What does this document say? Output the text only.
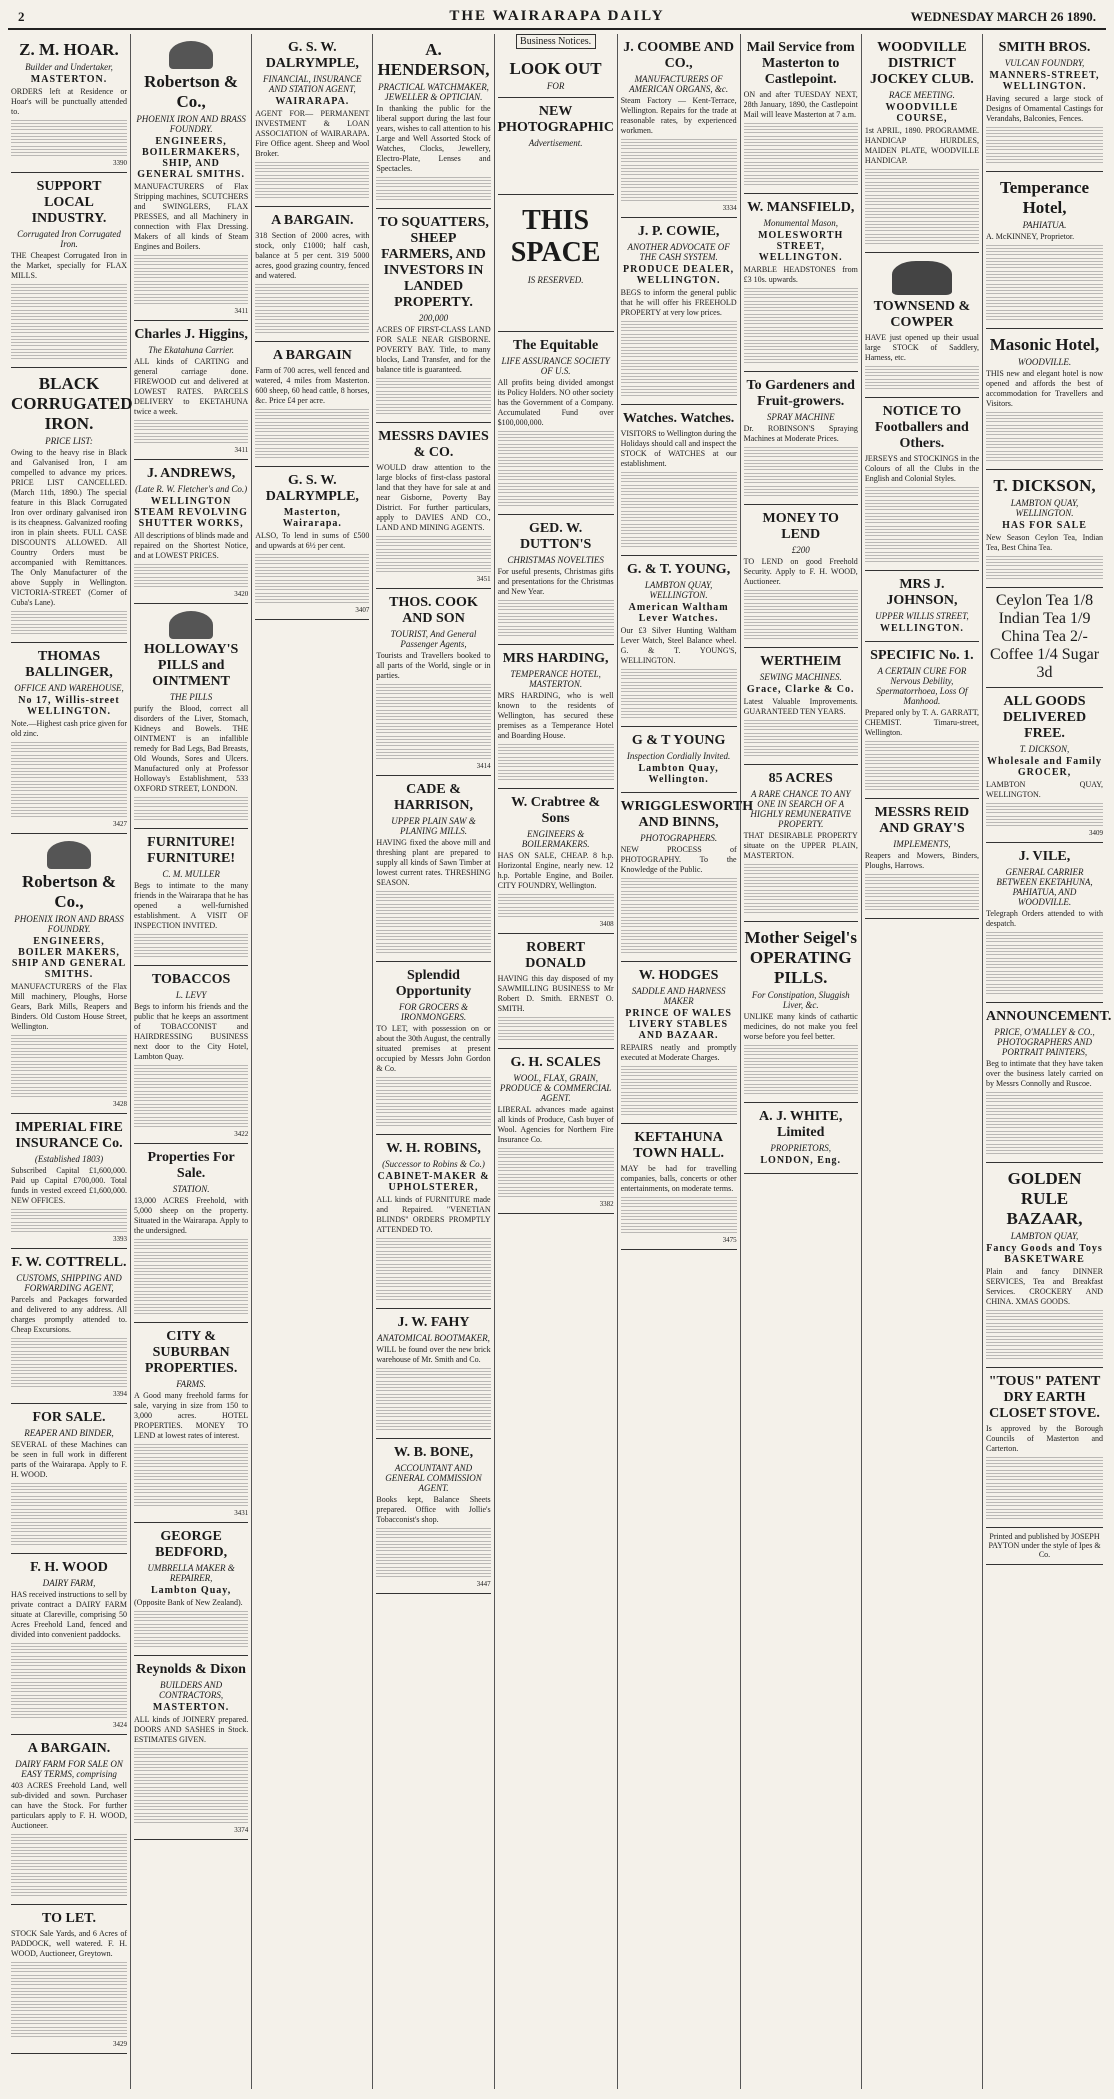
2	THE WAIRARAPA DAILY	WEDNESDAY MARCH 26 1890.
Z. M. HOAR.
Builder and Undertaker,
MASTERTON.

ORDERS left at Residence or Hoar's will be punctually attended to.

3390
SUPPORT LOCAL INDUSTRY.
Corrugated Iron Corrugated Iron.

THE Cheapest Corrugated Iron in the Market, specially for FLAX MILLS.

BLACK CORRUGATED IRON.
PRICE LIST:

Owing to the heavy rise in Black and Galvanised Iron, I am compelled to advance my prices. PRICE LIST CANCELLED. (March 11th, 1890.) The special feature in this Black Corrugated Iron over ordinary galvanised iron is its cheapness. Galvanized roofing iron in plain sheets. FULL CASE DISCOUNTS ALLOWED. All Country Orders must be accompanied with Remittances. The Only Manufacturer of the above Supply in Wellington. VICTORIA-STREET (Corner of Cuba's Lane).

THOMAS BALLINGER,
OFFICE AND WAREHOUSE,
No 17, Willis-street WELLINGTON.

Note.—Highest cash price given for old zinc.

3427
Robertson & Co.,
PHOENIX IRON AND BRASS FOUNDRY.
ENGINEERS, BOILER MAKERS, SHIP AND GENERAL SMITHS.

MANUFACTURERS of the Flax Mill machinery, Ploughs, Horse Gears, Bark Mills, Reapers and Binders. Old Custom House Street, Wellington.

3428
IMPERIAL FIRE INSURANCE Co.
(Established 1803)

Subscribed Capital £1,600,000. Paid up Capital £700,000. Total funds in vested exceed £1,600,000. NEW OFFICES.

3393
F. W. COTTRELL.
CUSTOMS, SHIPPING AND FORWARDING AGENT,

Parcels and Packages forwarded and delivered to any address. All charges promptly attended to. Cheap Excursions.

3394
FOR SALE.
REAPER AND BINDER,

SEVERAL of these Machines can be seen in full work in different parts of the Wairarapa. Apply to F. H. WOOD.

F. H. WOOD
DAIRY FARM,

HAS received instructions to sell by private contract a DAIRY FARM situate at Clareville, comprising 50 Acres Freehold Land, fenced and divided into convenient paddocks.

3424
A BARGAIN.
DAIRY FARM FOR SALE ON EASY TERMS, comprising

403 ACRES Freehold Land, well sub-divided and sown. Purchaser can have the Stock. For further particulars apply to F. H. WOOD, Auctioneer.

TO LET.

STOCK Sale Yards, and 6 Acres of PADDOCK, well watered. F. H. WOOD, Auctioneer, Greytown.

3429
Robertson & Co.,
PHOENIX IRON AND BRASS FOUNDRY.
ENGINEERS, BOILERMAKERS, SHIP, AND GENERAL SMITHS.

MANUFACTURERS of Flax Stripping machines, SCUTCHERS and SWINGLERS, FLAX PRESSES, and all Machinery in connection with Flax Dressing. Makers of all kinds of Steam Engines and Boilers.

3411
Charles J. Higgins,
The Ekatahuna Carrier.

ALL kinds of CARTING and general carriage done. FIREWOOD cut and delivered at LOWEST RATES. PARCELS DELIVERY to EKETAHUNA twice a week.

3411
J. ANDREWS,
(Late R. W. Fletcher's and Co.)
WELLINGTON STEAM REVOLVING SHUTTER WORKS,

All descriptions of blinds made and repaired on the Shortest Notice, and at LOWEST PRICES.

3420
HOLLOWAY'S PILLS and OINTMENT
THE PILLS

purify the Blood, correct all disorders of the Liver, Stomach, Kidneys and Bowels. THE OINTMENT is an infallible remedy for Bad Legs, Bad Breasts, Old Wounds, Sores and Ulcers. Manufactured only at Professor Holloway's Establishment, 533 OXFORD STREET, LONDON.

FURNITURE! FURNITURE!
C. M. MULLER

Begs to intimate to the many friends in the Wairarapa that he has opened a well-furnished establishment. A VISIT OF INSPECTION INVITED.

TOBACCOS
L. LEVY

Begs to inform his friends and the public that he keeps an assortment of TOBACCONIST and HAIRDRESSING BUSINESS next door to the City Hotel, Lambton Quay.

3422
Properties For Sale.
STATION.

13,000 ACRES Freehold, with 5,000 sheep on the property. Situated in the Wairarapa. Apply to the undersigned.

CITY & SUBURBAN PROPERTIES.
FARMS.

A Good many freehold farms for sale, varying in size from 150 to 3,000 acres. HOTEL PROPERTIES. MONEY TO LEND at lowest rates of interest.

3431
GEORGE BEDFORD,
UMBRELLA MAKER & REPAIRER,
Lambton Quay,

(Opposite Bank of New Zealand).

Reynolds & Dixon
BUILDERS AND CONTRACTORS,
MASTERTON.

ALL kinds of JOINERY prepared. DOORS AND SASHES in Stock. ESTIMATES GIVEN.

3374
G. S. W. DALRYMPLE,
FINANCIAL, INSURANCE AND STATION AGENT,
WAIRARAPA.

AGENT FOR— PERMANENT INVESTMENT & LOAN ASSOCIATION of WAIRARAPA. Fire Office agent. Sheep and Wool Broker.

A BARGAIN.

318 Section of 2000 acres, with stock, only £1000; half cash, balance at 5 per cent. 319 5000 acres, good grazing country, fenced and watered.

A BARGAIN

Farm of 700 acres, well fenced and watered, 4 miles from Masterton. 600 sheep, 60 head cattle, 8 horses, &c. Price £4 per acre.

G. S. W. DALRYMPLE,
Masterton, Wairarapa.

ALSO, To lend in sums of £500 and upwards at 6½ per cent.

3407
A. HENDERSON,
PRACTICAL WATCHMAKER, JEWELLER & OPTICIAN.

In thanking the public for the liberal support during the last four years, wishes to call attention to his Large and Well Assorted Stock of Watches, Clocks, Jewellery, Electro-Plate, Lenses and Spectacles.

TO SQUATTERS, SHEEP FARMERS, AND INVESTORS IN LANDED PROPERTY.
200,000

ACRES OF FIRST-CLASS LAND FOR SALE NEAR GISBORNE. POVERTY BAY. Title, to many blocks, Land Transfer, and for the balance title is guaranteed.

MESSRS DAVIES & CO.

WOULD draw attention to the large blocks of first-class pastoral land that they have for sale at and near Gisborne, Poverty Bay District. For further particulars, apply to DAVIES AND CO., LAND AND MINING AGENTS.

3451
THOS. COOK AND SON
TOURIST, And General Passenger Agents,

Tourists and Travellers booked to all parts of the World, single or in parties.

3414
CADE & HARRISON,
UPPER PLAIN SAW & PLANING MILLS.

HAVING fixed the above mill and threshing plant are prepared to supply all kinds of Sawn Timber at lowest current rates. THRESHING SEASON.

Splendid Opportunity
FOR GROCERS & IRONMONGERS.

TO LET, with possession on or about the 30th August, the centrally situated premises at present occupied by Messrs John Gordon & Co.

W. H. ROBINS,
(Successor to Robins & Co.)
CABINET-MAKER & UPHOLSTERER,

ALL kinds of FURNITURE made and Repaired. "VENETIAN BLINDS" ORDERS PROMPTLY ATTENDED TO.

J. W. FAHY
ANATOMICAL BOOTMAKER,

WILL be found over the new brick warehouse of Mr. Smith and Co.

W. B. BONE,
ACCOUNTANT AND GENERAL COMMISSION AGENT.

Books kept, Balance Sheets prepared. Office with Jollie's Tobacconist's shop.

3447
Business Notices.
LOOK OUT
FOR
NEW PHOTOGRAPHIC
Advertisement.
THIS SPACE
IS RESERVED.
The Equitable
LIFE ASSURANCE SOCIETY OF U.S.

All profits being divided amongst its Policy Holders. NO other society has the Government of a Company. Accumulated Fund over $100,000,000.

GED. W. DUTTON'S
CHRISTMAS NOVELTIES

For useful presents, Christmas gifts and presentations for the Christmas and New Year.

MRS HARDING,
TEMPERANCE HOTEL, MASTERTON.

MRS HARDING, who is well known to the residents of Wellington, has secured these premises as a Temperance Hotel and Boarding House.

W. Crabtree & Sons
ENGINEERS & BOILERMAKERS.

HAS ON SALE, CHEAP. 8 h.p. Horizontal Engine, nearly new. 12 h.p. Portable Engine, and Boiler. CITY FOUNDRY, Wellington.

3408
ROBERT DONALD

HAVING this day disposed of my SAWMILLING BUSINESS to Mr Robert D. Smith. ERNEST O. SMITH.

G. H. SCALES
WOOL, FLAX, GRAIN, PRODUCE & COMMERCIAL AGENT.

LIBERAL advances made against all kinds of Produce, Cash buyer of Wool. Agencies for Northern Fire Insurance Co.

3382
J. COOMBE AND CO.,
MANUFACTURERS OF AMERICAN ORGANS, &c.

Steam Factory — Kent-Terrace, Wellington. Repairs for the trade at reasonable rates, by experienced workmen.

3334
J. P. COWIE,
ANOTHER ADVOCATE OF THE CASH SYSTEM.
PRODUCE DEALER, WELLINGTON.

BEGS to inform the general public that he will offer his FREEHOLD PROPERTY at very low prices.

Watches. Watches.

VISITORS to Wellington during the Holidays should call and inspect the STOCK of WATCHES at our establishment.

G. & T. YOUNG,
LAMBTON QUAY, WELLINGTON.
American Waltham Lever Watches.

Our £3 Silver Hunting Waltham Lever Watch, Steel Balance wheel. G. & T. YOUNG'S, WELLINGTON.

G & T YOUNG
Inspection Cordially Invited.
Lambton Quay, Wellington.
WRIGGLESWORTH AND BINNS,
PHOTOGRAPHERS.

NEW PROCESS of PHOTOGRAPHY. To the Knowledge of the Public.

W. HODGES
SADDLE AND HARNESS MAKER
PRINCE OF WALES LIVERY STABLES AND BAZAAR.

REPAIRS neatly and promptly executed at Moderate Charges.

KEFTAHUNA TOWN HALL.

MAY be had for travelling companies, balls, concerts or other entertainments, on moderate terms.

3475
Mail Service from Masterton to Castlepoint.

ON and after TUESDAY NEXT, 28th January, 1890, the Castlepoint Mail will leave Masterton at 7 a.m.

W. MANSFIELD,
Monumental Mason,
MOLESWORTH STREET, WELLINGTON.

MARBLE HEADSTONES from £3 10s. upwards.

To Gardeners and Fruit-growers.
SPRAY MACHINE

Dr. ROBINSON'S Spraying Machines at Moderate Prices.

MONEY TO LEND
£200

TO LEND on good Freehold Security. Apply to F. H. WOOD, Auctioneer.

WERTHEIM
SEWING MACHINES.
Grace, Clarke & Co.

Latest Valuable Improvements. GUARANTEED TEN YEARS.

85 ACRES
A RARE CHANCE TO ANY ONE IN SEARCH OF A HIGHLY REMUNERATIVE PROPERTY.

THAT DESIRABLE PROPERTY situate on the UPPER PLAIN, MASTERTON.

Mother Seigel's OPERATING PILLS.
For Constipation, Sluggish Liver, &c.

UNLIKE many kinds of cathartic medicines, do not make you feel worse before you feel better.

A. J. WHITE, Limited
PROPRIETORS,
LONDON, Eng.
WOODVILLE DISTRICT JOCKEY CLUB.
RACE MEETING.
WOODVILLE COURSE,

1st APRIL, 1890. PROGRAMME. HANDICAP HURDLES, MAIDEN PLATE, WOODVILLE HANDICAP.

TOWNSEND & COWPER

HAVE just opened up their usual large STOCK of Saddlery, Harness, etc.

NOTICE TO Footballers and Others.

JERSEYS and STOCKINGS in the Colours of all the Clubs in the English and Colonial Styles.

MRS J. JOHNSON,
UPPER WILLIS STREET,
WELLINGTON.
SPECIFIC No. 1.
A CERTAIN CURE FOR Nervous Debility, Spermatorrhoea, Loss Of Manhood.

Prepared only by T. A. GARRATT, CHEMIST. Timaru-street, Wellington.

MESSRS REID AND GRAY'S
IMPLEMENTS,

Reapers and Mowers, Binders, Ploughs, Harrows.

SMITH BROS.
VULCAN FOUNDRY,
MANNERS-STREET, WELLINGTON.

Having secured a large stock of Designs of Ornamental Castings for Verandahs, Balconies, Fences.

Temperance Hotel,
PAHIATUA.

A. McKINNEY, Proprietor.

Masonic Hotel,
WOODVILLE.

THIS new and elegant hotel is now opened and affords the best of accommodation for Travellers and Visitors.

T. DICKSON,
LAMBTON QUAY, WELLINGTON.
HAS FOR SALE

New Season Ceylon Tea, Indian Tea, Best China Tea.

Ceylon Tea 1/8 Indian Tea 1/9 China Tea 2/- Coffee 1/4 Sugar 3d
ALL GOODS DELIVERED FREE.
T. DICKSON,
Wholesale and Family GROCER,

LAMBTON QUAY, WELLINGTON.

3409
J. VILE,
GENERAL CARRIER BETWEEN EKETAHUNA, PAHIATUA, AND WOODVILLE.

Telegraph Orders attended to with despatch.

ANNOUNCEMENT.
PRICE, O'MALLEY & CO., PHOTOGRAPHERS AND PORTRAIT PAINTERS,

Beg to intimate that they have taken over the business lately carried on by Messrs Connolly and Ruscoe.

GOLDEN RULE BAZAAR,
LAMBTON QUAY,
Fancy Goods and Toys BASKETWARE

Plain and fancy DINNER SERVICES, Tea and Breakfast Services. CROCKERY AND CHINA. XMAS GOODS.

"TOUS" PATENT DRY EARTH CLOSET STOVE.

Is approved by the Borough Councils of Masterton and Carterton.

Printed and published by JOSEPH PAYTON under the style of Ipes & Co.
